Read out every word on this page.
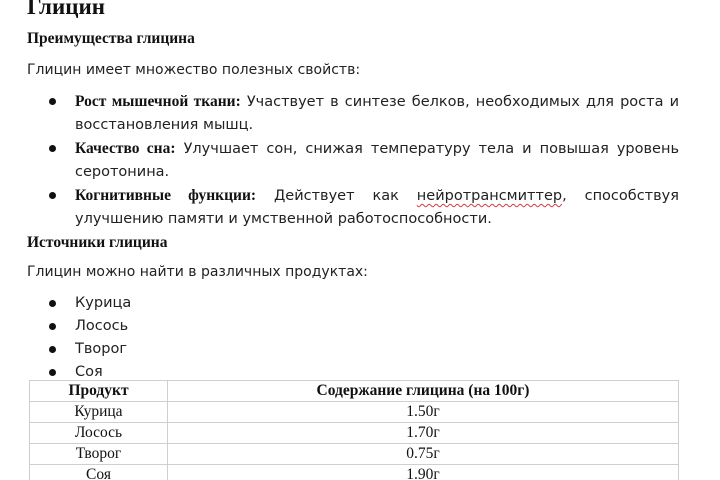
Глицин
Преимущества глицина

Глицин имеет множество полезных свойств:

Рост мышечной ткани: Участвует в синтезе белков, необходимых для роста и восстановления мышц.
Качество сна: Улучшает сон, снижая температуру тела и повышая уровень серотонина.
Когнитивные функции: Действует как нейротрансмиттер, способствуя улучшению памяти и умственной работоспособности.
Источники глицина

Глицин можно найти в различных продуктах:

Курица
Лосось
Творог
Соя
Продукт	Содержание глицина (на 100г)
Курица	1.50г
Лосось	1.70г
Творог	0.75г
Соя	1.90г
